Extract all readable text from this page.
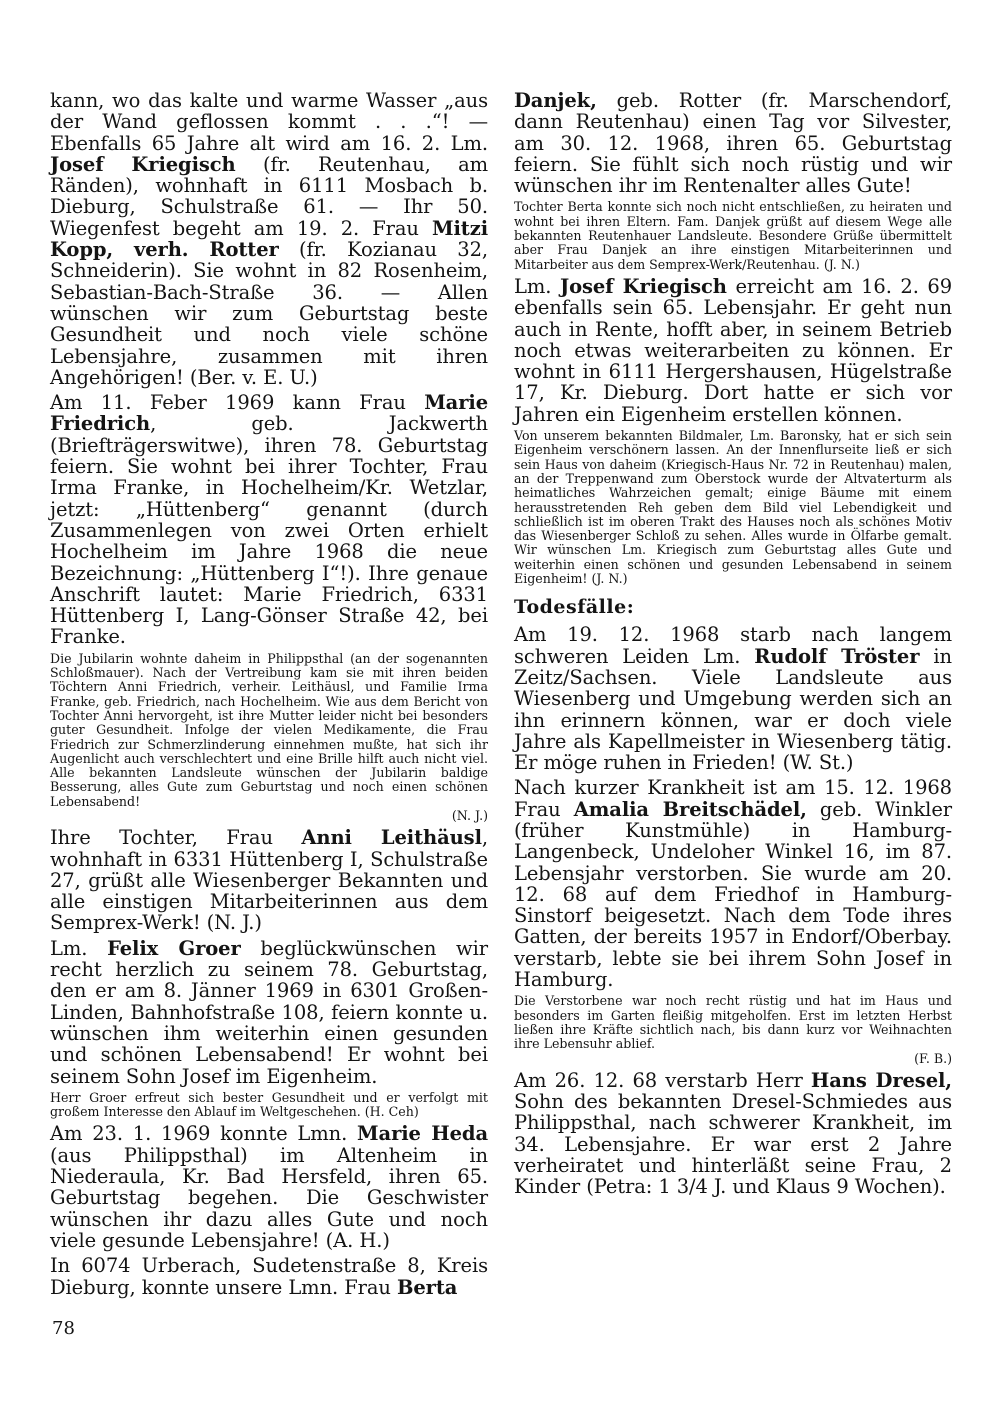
kann, wo das kalte und warme Wasser „aus der Wand geflossen kommt . . .“! — Ebenfalls 65 Jahre alt wird am 16. 2. Lm. Josef Kriegisch (fr. Reutenhau, am Ränden), wohnhaft in 6111 Mosbach b. Dieburg, Schulstraße 61. — Ihr 50. Wiegenfest begeht am 19. 2. Frau Mitzi Kopp, verh. Rotter (fr. Kozianau 32, Schneiderin). Sie wohnt in 82 Rosenheim, Sebastian-Bach-Straße 36. — Allen wünschen wir zum Geburtstag beste Gesundheit und noch viele schöne Lebensjahre, zusammen mit ihren Angehörigen! (Ber. v. E. U.)

Am 11. Feber 1969 kann Frau Marie Friedrich, geb. Jackwerth (Briefträgerswitwe), ihren 78. Geburtstag feiern. Sie wohnt bei ihrer Tochter, Frau Irma Franke, in Hochelheim/Kr. Wetzlar, jetzt: „Hüttenberg“ genannt (durch Zusammenlegen von zwei Orten erhielt Hochelheim im Jahre 1968 die neue Bezeichnung: „Hüttenberg I“!). Ihre genaue Anschrift lautet: Marie Friedrich, 6331 Hüttenberg I, Lang-Gönser Straße 42, bei Franke.

Die Jubilarin wohnte daheim in Philippsthal (an der sogenannten Schloßmauer). Nach der Vertreibung kam sie mit ihren beiden Töchtern Anni Friedrich, verheir. Leithäusl, und Familie Irma Franke, geb. Friedrich, nach Hochelheim. Wie aus dem Bericht von Tochter Anni hervorgeht, ist ihre Mutter leider nicht bei besonders guter Gesundheit. Infolge der vielen Medikamente, die Frau Friedrich zur Schmerzlinderung einnehmen mußte, hat sich ihr Augenlicht auch verschlechtert und eine Brille hilft auch nicht viel. Alle bekannten Landsleute wünschen der Jubilarin baldige Besserung, alles Gute zum Geburtstag und noch einen schönen Lebensabend!
(N. J.)

Ihre Tochter, Frau Anni Leithäusl, wohnhaft in 6331 Hüttenberg I, Schulstraße 27, grüßt alle Wiesenberger Bekannten und alle einstigen Mitarbeiterinnen aus dem Semprex-Werk! (N. J.)

Lm. Felix Groer beglückwünschen wir recht herzlich zu seinem 78. Geburtstag, den er am 8. Jänner 1969 in 6301 Großen-Linden, Bahnhofstraße 108, feiern konnte u. wünschen ihm weiterhin einen gesunden und schönen Lebensabend! Er wohnt bei seinem Sohn Josef im Eigenheim.

Herr Groer erfreut sich bester Gesundheit und er verfolgt mit großem Interesse den Ablauf im Weltgeschehen. (H. Ceh)

Am 23. 1. 1969 konnte Lmn. Marie Heda (aus Philippsthal) im Altenheim in Niederaula, Kr. Bad Hersfeld, ihren 65. Geburtstag begehen. Die Geschwister wünschen ihr dazu alles Gute und noch viele gesunde Lebensjahre! (A. H.)

In 6074 Urberach, Sudetenstraße 8, Kreis Dieburg, konnte unsere Lmn. Frau Berta

Danjek, geb. Rotter (fr. Marschendorf, dann Reutenhau) einen Tag vor Silvester, am 30. 12. 1968, ihren 65. Geburtstag feiern. Sie fühlt sich noch rüstig und wir wünschen ihr im Rentenalter alles Gute!

Tochter Berta konnte sich noch nicht entschließen, zu heiraten und wohnt bei ihren Eltern. Fam. Danjek grüßt auf diesem Wege alle bekannten Reutenhauer Landsleute. Besondere Grüße übermittelt aber Frau Danjek an ihre einstigen Mitarbeiterinnen und Mitarbeiter aus dem Semprex-Werk/Reutenhau. (J. N.)

Lm. Josef Kriegisch erreicht am 16. 2. 69 ebenfalls sein 65. Lebensjahr. Er geht nun auch in Rente, hofft aber, in seinem Betrieb noch etwas weiterarbeiten zu können. Er wohnt in 6111 Hergershausen, Hügelstraße 17, Kr. Dieburg. Dort hatte er sich vor Jahren ein Eigenheim erstellen können.

Von unserem bekannten Bildmaler, Lm. Baronsky, hat er sich sein Eigenheim verschönern lassen. An der Innenflurseite ließ er sich sein Haus von daheim (Kriegisch-Haus Nr. 72 in Reutenhau) malen, an der Treppenwand zum Oberstock wurde der Altvaterturm als heimatliches Wahrzeichen gemalt; einige Bäume mit einem herausstretenden Reh geben dem Bild viel Lebendigkeit und schließlich ist im oberen Trakt des Hauses noch als schönes Motiv das Wiesenberger Schloß zu sehen. Alles wurde in Ölfarbe gemalt. Wir wünschen Lm. Kriegisch zum Geburtstag alles Gute und weiterhin einen schönen und gesunden Lebensabend in seinem Eigenheim! (J. N.)

Todesfälle:

Am 19. 12. 1968 starb nach langem schweren Leiden Lm. Rudolf Tröster in Zeitz/Sachsen. Viele Landsleute aus Wiesenberg und Umgebung werden sich an ihn erinnern können, war er doch viele Jahre als Kapellmeister in Wiesenberg tätig. Er möge ruhen in Frieden! (W. St.)

Nach kurzer Krankheit ist am 15. 12. 1968 Frau Amalia Breitschädel, geb. Winkler (früher Kunstmühle) in Hamburg-Langenbeck, Undeloher Winkel 16, im 87. Lebensjahr verstorben. Sie wurde am 20. 12. 68 auf dem Friedhof in Hamburg-Sinstorf beigesetzt. Nach dem Tode ihres Gatten, der bereits 1957 in Endorf/Oberbay. verstarb, lebte sie bei ihrem Sohn Josef in Hamburg.

Die Verstorbene war noch recht rüstig und hat im Haus und besonders im Garten fleißig mitgeholfen. Erst im letzten Herbst ließen ihre Kräfte sichtlich nach, bis dann kurz vor Weihnachten ihre Lebensuhr ablief.
(F. B.)

Am 26. 12. 68 verstarb Herr Hans Dresel, Sohn des bekannten Dresel-Schmiedes aus Philippsthal, nach schwerer Krankheit, im 34. Lebensjahre. Er war erst 2 Jahre verheiratet und hinterläßt seine Frau, 2 Kinder (Petra: 1 3/4 J. und Klaus 9 Wochen).

78
